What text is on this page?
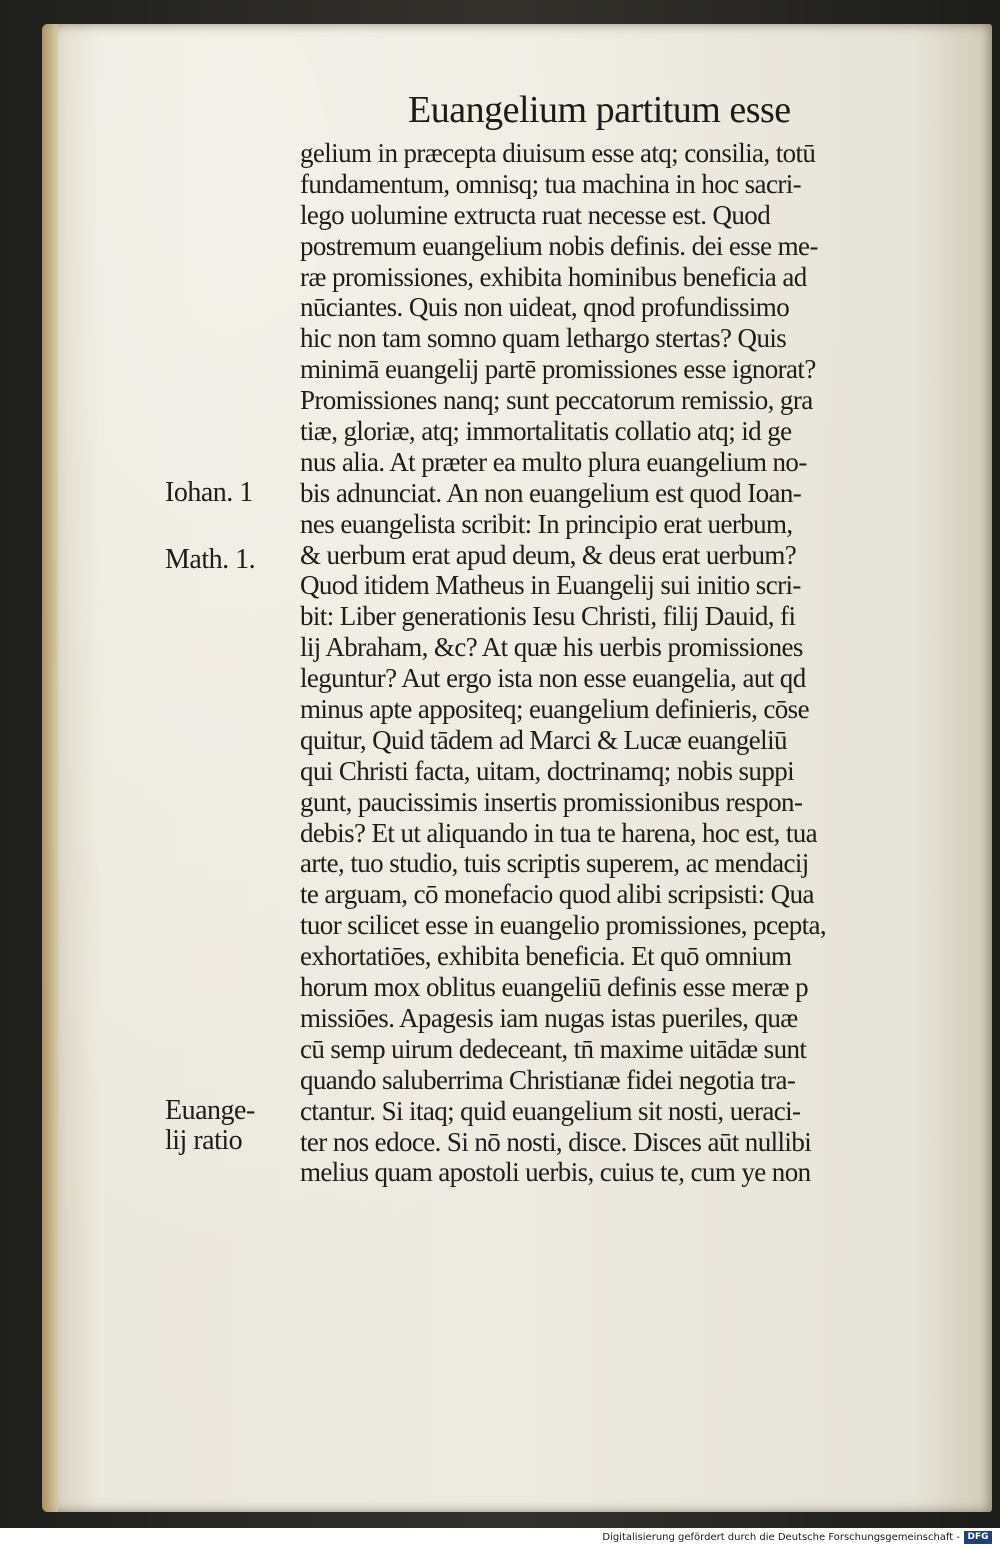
Euangelium partitum esse
gelium in præcepta diuisum esse atq; consilia, totū
fundamentum, omnisq; tua machina in hoc sacri-
lego uolumine extructa ruat necesse est. Quod
postremum euangelium nobis definis. dei esse me-
ræ promissiones, exhibita hominibus beneficia ad
nūciantes. Quis non uideat, qnod profundissimo
hic non tam somno quam lethargo stertas? Quis
minimā euangelij partē promissiones esse ignorat?
Promissiones nanq; sunt peccatorum remissio, gra
tiæ, gloriæ, atq; immortalitatis collatio atq; id ge
nus alia. At præter ea multo plura euangelium no-
bis adnunciat. An non euangelium est quod Ioan-
nes euangelista scribit: In principio erat uerbum,
& uerbum erat apud deum, & deus erat uerbum?
Quod itidem Matheus in Euangelij sui initio scri-
bit: Liber generationis Iesu Christi, filij Dauid, fi
lij Abraham, &c? At quæ his uerbis promissiones
leguntur? Aut ergo ista non esse euangelia, aut qd
minus apte appositeq; euangelium definieris, cōse
quitur, Quid tādem ad Marci & Lucæ euangeliū
qui Christi facta, uitam, doctrinamq; nobis suppi
gunt, paucissimis insertis promissionibus respon-
debis? Et ut aliquando in tua te harena, hoc est, tua
arte, tuo studio, tuis scriptis superem, ac mendacij
te arguam, cō monefacio quod alibi scripsisti: Qua
tuor scilicet esse in euangelio promissiones, pcepta,
exhortatiōes, exhibita beneficia. Et quō omnium
horum mox oblitus euangeliū definis esse meræ p
missiōes. Apagesis iam nugas istas pueriles, quæ
cū semp uirum dedeceant, tn̄ maxime uitādæ sunt
quando saluberrima Christianæ fidei negotia tra-
ctantur. Si itaq; quid euangelium sit nosti, ueraci-
ter nos edoce. Si nō nosti, disce. Disces aūt nullibi
melius quam apostoli uerbis, cuius te, cum ye non
Iohan. 1
Math. 1.
Euange-
lij ratio
Digitalisierung gefördert durch die Deutsche Forschungsgemeinschaft - DFG
